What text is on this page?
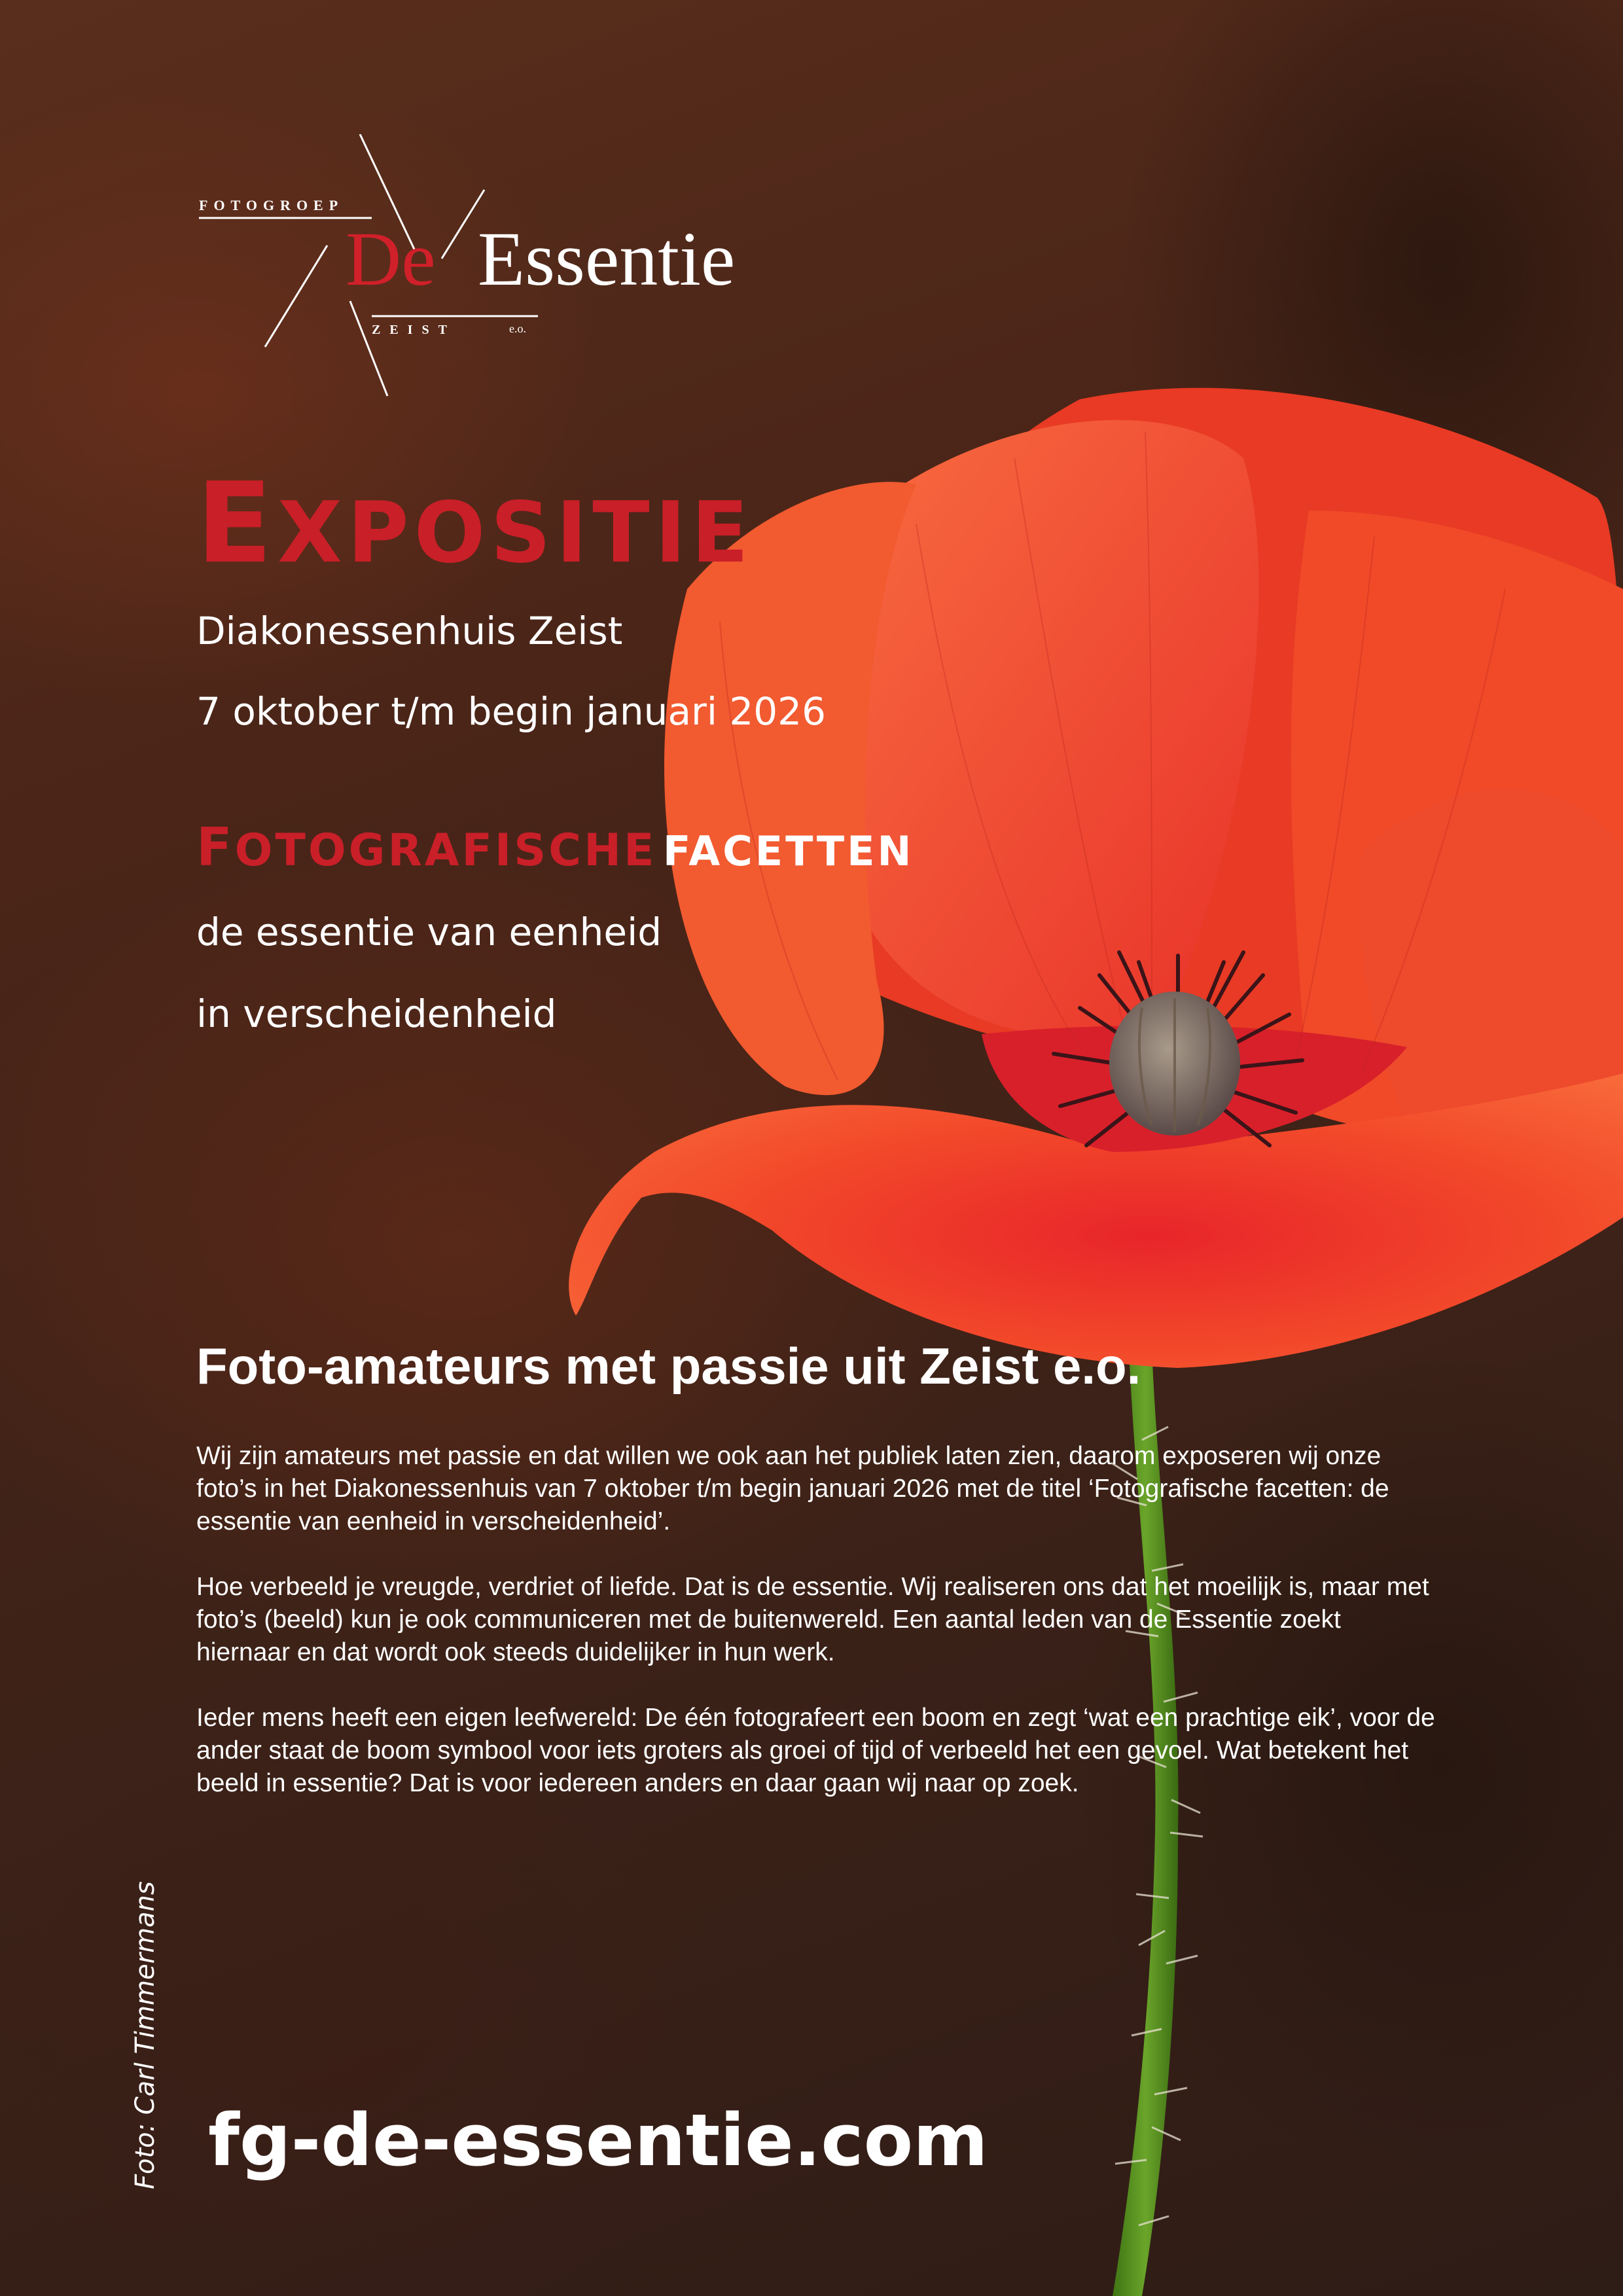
FOTOGROEP
De Essentie
ZEIST	e.o.
EXPOSITIE

Diakonessenhuis Zeist

7 oktober t/m begin januari 2026

FOTOGRAFISCHE FACETTEN

de essentie van eenheid

in verscheidenheid

Foto-amateurs met passie uit Zeist e.o.

Wij zijn amateurs met passie en dat willen we ook aan het publiek laten zien, daarom exposeren wij onze foto’s in het Diakonessenhuis van 7 oktober t/m begin januari 2026 met de titel ‘Fotografische facetten: de essentie van eenheid in verscheidenheid’.

Hoe verbeeld je vreugde, verdriet of liefde. Dat is de essentie. Wij realiseren ons dat het moeilijk is, maar met foto’s (beeld) kun je ook communiceren met de buitenwereld. Een aantal leden van de Essentie zoekt hiernaar en dat wordt ook steeds duidelijker in hun werk.

Ieder mens heeft een eigen leefwereld: De één fotografeert een boom en zegt ‘wat een prachtige eik’, voor de ander staat de boom symbool voor iets groters als groei of tijd of verbeeld het een gevoel. Wat betekent het beeld in essentie? Dat is voor iedereen anders en daar gaan wij naar op zoek.

Foto: Carl Timmermans fg-de-essentie.com
